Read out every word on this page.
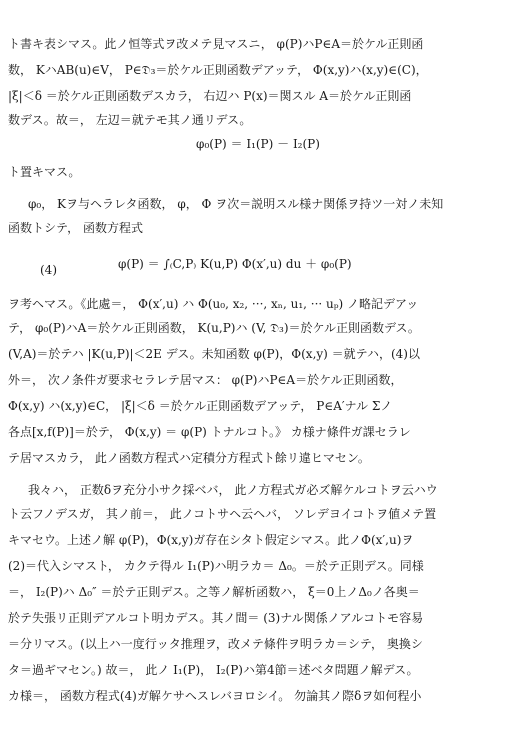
ト書キ表シマス。此ノ恒等式ヲ改メテ見マスニ， φ(P)ハP∈A＝於ケル正則函
数， KハAB(u)∈V， P∈𝔇₃＝於ケル正則函数デアッテ， Φ(x,y)ハ(x,y)∈(C)，
|ξ|＜δ ＝於ケル正則函数デスカラ， 右辺ハ P(x)＝関スル A＝於ケル正則函
数デス。故＝， 左辺＝就テモ其ノ通リデス。
φ₀(P) ＝ I₁(P) － I₂(P)
ト置キマス。
φ₀， Kヲ与ヘラレタ函数， φ， Φ ヲ次＝説明スル様ナ関係ヲ持ツ一対ノ未知
函数トシテ， 函数方程式
(4)	φ(P) ＝ ∫₍C,P₎ K(u,P) Φ(x′,u) du ＋ φ₀(P)
ヲ考ヘマス。《此處＝， Φ(x′,u) ハ Φ(u₀, x₂, ···, xₙ, u₁, ··· uₚ) ノ略記デアッ
テ， φ₀(P)ハA＝於ケル正則函数， K(u,P)ハ (V, 𝔇₃)＝於ケル正則函数デス。
(V,A)＝於テハ |K(u,P)|＜2E デス。未知函数 φ(P)，Φ(x,y) ＝就テハ，(4)以
外＝， 次ノ条件ガ要求セラレテ居マス： φ(P)ハP∈A＝於ケル正則函数，
Φ(x,y) ハ(x,y)∈C， |ξ|＜δ ＝於ケル正則函数デアッテ， P∈A′ナル Σノ
各点[x,f(P)]＝於テ， Φ(x,y) ＝ φ(P) トナルコト。》 カ様ナ條件ガ課セラレ
テ居マスカラ， 此ノ函数方程式ハ定積分方程式ト餘リ違ヒマセン。
我々ハ， 正数δヲ充分小サク採ベバ， 此ノ方程式ガ必ズ解ケルコトヲ云ハウ
ト云フノデスガ， 其ノ前＝， 此ノコトサヘ云ヘバ， ソレデヨイコトヲ値メテ置
キマセウ。上述ノ解 φ(P)，Φ(x,y)ガ存在シタト假定シマス。此ノΦ(x′,u)ヲ
(2)＝代入シマスト， カクテ得ル I₁(P)ハ明ラカ＝ Δ₀。＝於テ正則デス。同様
＝， I₂(P)ハ Δ₀″ ＝於テ正則デス。之等ノ解析函数ハ， ξ＝0上ノΔ₀ノ各奥＝
於テ失張リ正則デアルコト明カデス。其ノ間＝ (3)ナル関係ノアルコトモ容易
＝分リマス。(以上ハ一度行ッタ推理ヲ，改メテ條件ヲ明ラカ＝シテ， 奥換シ
タ＝過ギマセン。) 故＝， 此ノ I₁(P)， I₂(P)ハ第4節＝述ベタ問題ノ解デス。
カ様＝， 函数方程式(4)ガ解ケサヘスレバヨロシイ。 勿論其ノ際δヲ如何程小
